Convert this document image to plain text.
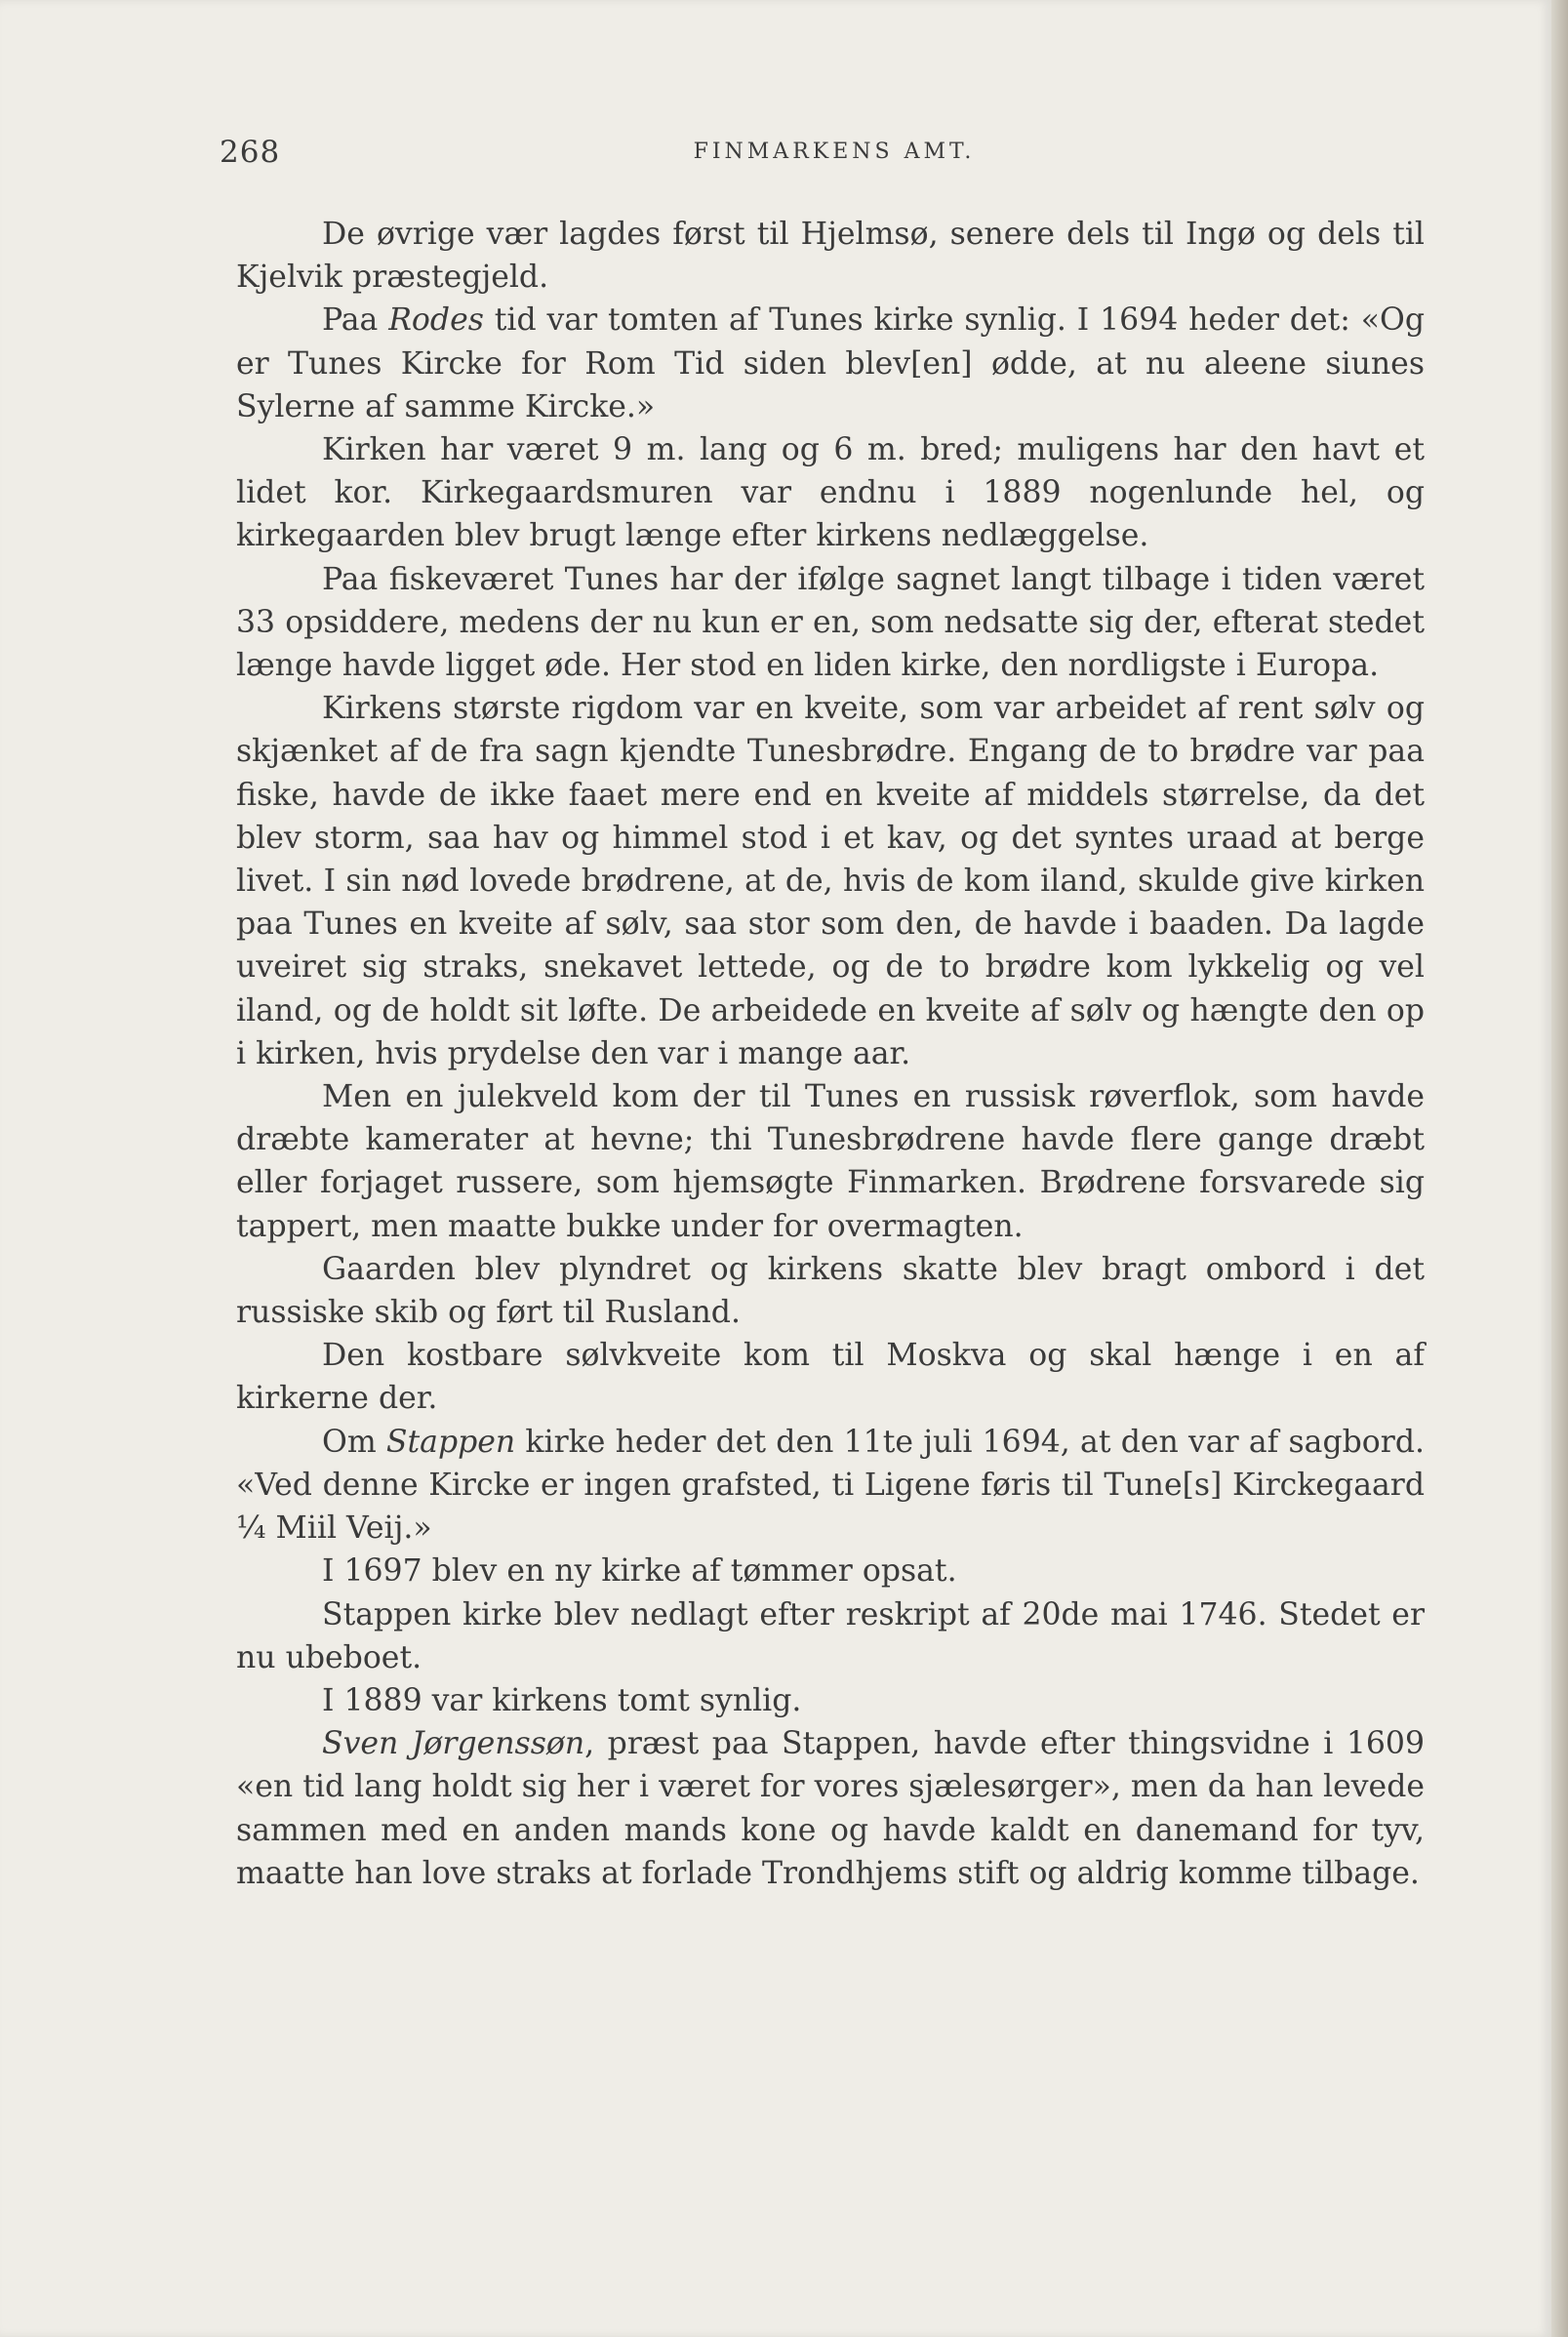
268	FINMARKENS AMT.

De øvrige vær lagdes først til Hjelmsø, senere dels til Ingø og dels til Kjelvik præstegjeld.

Paa Rodes tid var tomten af Tunes kirke synlig. I 1694 heder det: «Og er Tunes Kircke for Rom Tid siden blev[en] ødde, at nu aleene siunes Sylerne af samme Kircke.»

Kirken har været 9 m. lang og 6 m. bred; muligens har den havt et lidet kor. Kirkegaardsmuren var endnu i 1889 nogenlunde hel, og kirkegaarden blev brugt længe efter kirkens nedlæggelse.

Paa fiskeværet Tunes har der ifølge sagnet langt tilbage i tiden været 33 opsiddere, medens der nu kun er en, som nedsatte sig der, efterat stedet længe havde ligget øde. Her stod en liden kirke, den nordligste i Europa.

Kirkens største rigdom var en kveite, som var arbeidet af rent sølv og skjænket af de fra sagn kjendte Tunesbrødre. Engang de to brødre var paa fiske, havde de ikke faaet mere end en kveite af middels størrelse, da det blev storm, saa hav og himmel stod i et kav, og det syntes uraad at berge livet. I sin nød lovede brødrene, at de, hvis de kom iland, skulde give kirken paa Tunes en kveite af sølv, saa stor som den, de havde i baaden. Da lagde uveiret sig straks, snekavet lettede, og de to brødre kom lykkelig og vel iland, og de holdt sit løfte. De arbeidede en kveite af sølv og hængte den op i kirken, hvis prydelse den var i mange aar.

Men en julekveld kom der til Tunes en russisk røverflok, som havde dræbte kamerater at hevne; thi Tunesbrødrene havde flere gange dræbt eller forjaget russere, som hjemsøgte Finmarken. Brødrene forsvarede sig tappert, men maatte bukke under for overmagten.

Gaarden blev plyndret og kirkens skatte blev bragt ombord i det russiske skib og ført til Rusland.

Den kostbare sølvkveite kom til Moskva og skal hænge i en af kirkerne der.

Om Stappen kirke heder det den 11te juli 1694, at den var af sagbord. «Ved denne Kircke er ingen grafsted, ti Ligene føris til Tune[s] Kirckegaard ¼ Miil Veij.»

I 1697 blev en ny kirke af tømmer opsat.

Stappen kirke blev nedlagt efter reskript af 20de mai 1746. Stedet er nu ubeboet.

I 1889 var kirkens tomt synlig.

Sven Jørgenssøn, præst paa Stappen, havde efter thingsvidne i 1609 «en tid lang holdt sig her i været for vores sjælesørger», men da han levede sammen med en anden mands kone og havde kaldt en danemand for tyv, maatte han love straks at forlade Trondhjems stift og aldrig komme tilbage.
